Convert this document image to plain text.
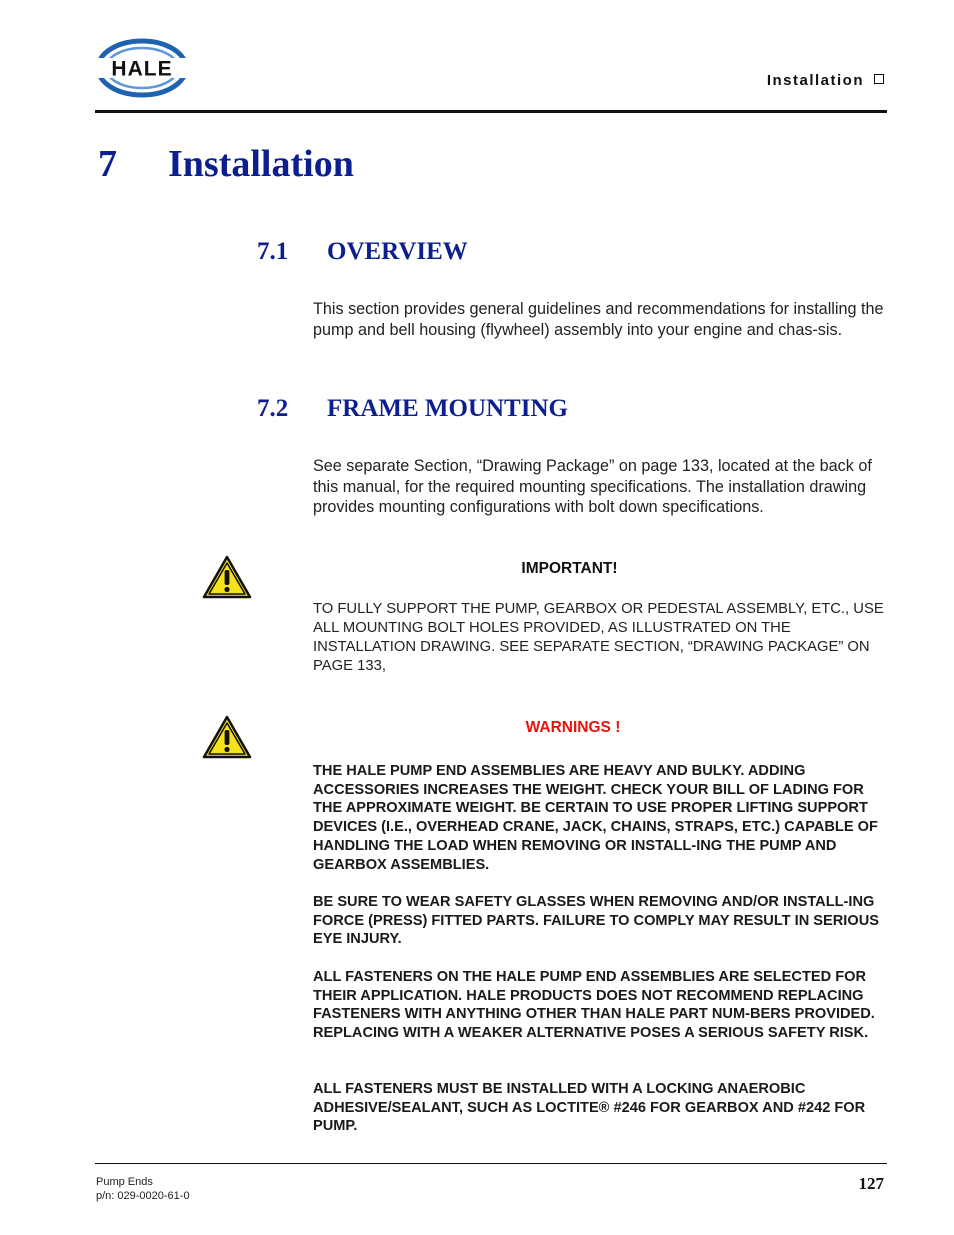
HALE	Installation
7 Installation
7.1 OVERVIEW
This section provides general guidelines and recommendations for installing the pump and bell housing (flywheel) assembly into your engine and chas-sis.
7.2 FRAME MOUNTING
See separate Section, “Drawing Package” on page 133, located at the back of this manual, for the required mounting specifications. The installation drawing provides mounting configurations with bolt down specifications.
IMPORTANT!
TO FULLY SUPPORT THE PUMP, GEARBOX OR PEDESTAL ASSEMBLY, ETC., USE ALL MOUNTING BOLT HOLES PROVIDED, AS ILLUSTRATED ON THE INSTALLATION DRAWING. SEE SEPARATE SECTION, “DRAWING PACKAGE” ON PAGE 133,
WARNINGS !
THE HALE PUMP END ASSEMBLIES ARE HEAVY AND BULKY. ADDING ACCESSORIES INCREASES THE WEIGHT. CHECK YOUR BILL OF LADING FOR THE APPROXIMATE WEIGHT. BE CERTAIN TO USE PROPER LIFTING SUPPORT DEVICES (I.E., OVERHEAD CRANE, JACK, CHAINS, STRAPS, ETC.) CAPABLE OF HANDLING THE LOAD WHEN REMOVING OR INSTALL-ING THE PUMP AND GEARBOX ASSEMBLIES.
BE SURE TO WEAR SAFETY GLASSES WHEN REMOVING AND/OR INSTALL-ING FORCE (PRESS) FITTED PARTS. FAILURE TO COMPLY MAY RESULT IN SERIOUS EYE INJURY.
ALL FASTENERS ON THE HALE PUMP END ASSEMBLIES ARE SELECTED FOR THEIR APPLICATION. HALE PRODUCTS DOES NOT RECOMMEND REPLACING FASTENERS WITH ANYTHING OTHER THAN HALE PART NUM-BERS PROVIDED. REPLACING WITH A WEAKER ALTERNATIVE POSES A SERIOUS SAFETY RISK.
ALL FASTENERS MUST BE INSTALLED WITH A LOCKING ANAEROBIC ADHESIVE/SEALANT, SUCH AS LOCTITE® #246 FOR GEARBOX AND #242 FOR PUMP.
Pump Ends
p/n: 029-0020-61-0
127
